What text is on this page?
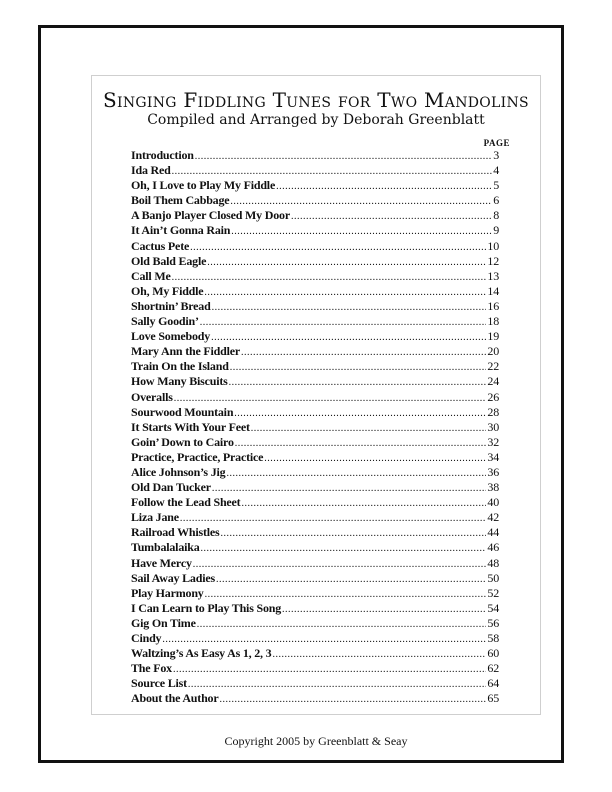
Singing Fiddling Tunes for Two Mandolins
Compiled and Arranged by Deborah Greenblatt
PAGE
Introduction .....	3
Ida Red .....	4
Oh, I Love to Play My Fiddle .....	5
Boil Them Cabbage .....	6
A Banjo Player Closed My Door .....	8
It Ain’t Gonna Rain .....	9
Cactus Pete .....	10
Old Bald Eagle .....	12
Call Me .....	13
Oh, My Fiddle .....	14
Shortnin’ Bread .....	16
Sally Goodin’ .....	18
Love Somebody .....	19
Mary Ann the Fiddler .....	20
Train On the Island .....	22
How Many Biscuits .....	24
Overalls .....	26
Sourwood Mountain .....	28
It Starts With Your Feet .....	30
Goin’ Down to Cairo .....	32
Practice, Practice, Practice .....	34
Alice Johnson’s Jig .....	36
Old Dan Tucker .....	38
Follow the Lead Sheet .....	40
Liza Jane .....	42
Railroad Whistles .....	44
Tumbalalaika .....	46
Have Mercy .....	48
Sail Away Ladies .....	50
Play Harmony .....	52
I Can Learn to Play This Song .....	54
Gig On Time .....	56
Cindy .....	58
Waltzing’s As Easy As 1, 2, 3 .....	60
The Fox .....	62
Source List .....	64
About the Author .....	65
Copyright 2005 by Greenblatt & Seay
